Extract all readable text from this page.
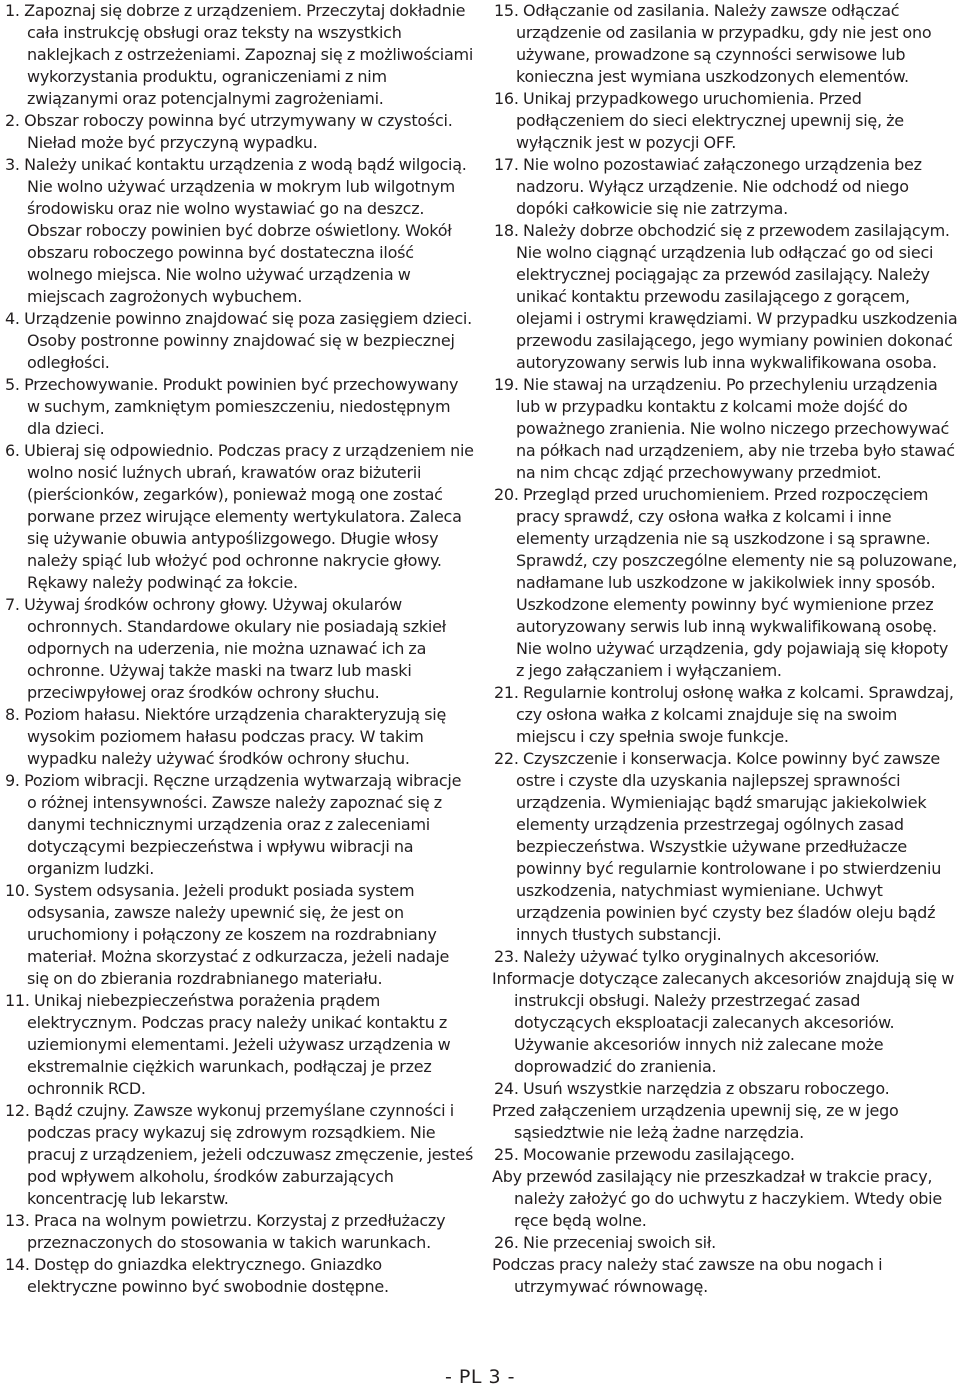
1. Zapoznaj się dobrze z urządzeniem. Przeczytaj dokładnie cała instrukcję obsługi oraz teksty na wszystkich naklejkach z ostrzeżeniami. Zapoznaj się z możliwościami wykorzystania produktu, ograniczeniami z nim związanymi oraz potencjalnymi zagrożeniami.

2. Obszar roboczy powinna być utrzymywany w czystości. Nieład może być przyczyną wypadku.

3. Należy unikać kontaktu urządzenia z wodą bądź wilgocią. Nie wolno używać urządzenia w mokrym lub wilgotnym środowisku oraz nie wolno wystawiać go na deszcz. Obszar roboczy powinien być dobrze oświetlony. Wokół obszaru roboczego powinna być dostateczna ilość wolnego miejsca. Nie wolno używać urządzenia w miejscach zagrożonych wybuchem.

4. Urządzenie powinno znajdować się poza zasięgiem dzieci. Osoby postronne powinny znajdować się w bezpiecznej odległości.

5. Przechowywanie. Produkt powinien być przechowywany w suchym, zamkniętym pomieszczeniu, niedostępnym dla dzieci.

6. Ubieraj się odpowiednio. Podczas pracy z urządzeniem nie wolno nosić luźnych ubrań, krawatów oraz biżuterii (pierścionków, zegarków), ponieważ mogą one zostać porwane przez wirujące elementy wertykulatora. Zaleca się używanie obuwia antypoślizgowego. Długie włosy należy spiąć lub włożyć pod ochronne nakrycie głowy. Rękawy należy podwinąć za łokcie.

7. Używaj środków ochrony głowy. Używaj okularów ochronnych. Standardowe okulary nie posiadają szkieł odpornych na uderzenia, nie można uznawać ich za ochronne. Używaj także maski na twarz lub maski przeciwpyłowej oraz środków ochrony słuchu.

8. Poziom hałasu. Niektóre urządzenia charakteryzują się wysokim poziomem hałasu podczas pracy. W takim wypadku należy używać środków ochrony słuchu.

9. Poziom wibracji. Ręczne urządzenia wytwarzają wibracje o różnej intensywności. Zawsze należy zapoznać się z danymi technicznymi urządzenia oraz z zaleceniami dotyczącymi bezpieczeństwa i wpływu wibracji na organizm ludzki.

10. System odsysania. Jeżeli produkt posiada system odsysania, zawsze należy upewnić się, że jest on uruchomiony i połączony ze koszem na rozdrabniany materiał. Można skorzystać z odkurzacza, jeżeli nadaje się on do zbierania rozdrabnianego materiału.

11. Unikaj niebezpieczeństwa porażenia prądem elektrycznym. Podczas pracy należy unikać kontaktu z uziemionymi elementami. Jeżeli używasz urządzenia w ekstremalnie ciężkich warunkach, podłączaj je przez ochronnik RCD.

12. Bądź czujny. Zawsze wykonuj przemyślane czynności i podczas pracy wykazuj się zdrowym rozsądkiem. Nie pracuj z urządzeniem, jeżeli odczuwasz zmęczenie, jesteś pod wpływem alkoholu, środków zaburzających koncentrację lub lekarstw.

13. Praca na wolnym powietrzu. Korzystaj z przedłużaczy przeznaczonych do stosowania w takich warunkach.

14. Dostęp do gniazdka elektrycznego. Gniazdko elektryczne powinno być swobodnie dostępne.

15. Odłączanie od zasilania. Należy zawsze odłączać urządzenie od zasilania w przypadku, gdy nie jest ono używane, prowadzone są czynności serwisowe lub konieczna jest wymiana uszkodzonych elementów.

16. Unikaj przypadkowego uruchomienia. Przed podłączeniem do sieci elektrycznej upewnij się, że wyłącznik jest w pozycji OFF.

17. Nie wolno pozostawiać załączonego urządzenia bez nadzoru. Wyłącz urządzenie. Nie odchodź od niego dopóki całkowicie się nie zatrzyma.

18. Należy dobrze obchodzić się z przewodem zasilającym. Nie wolno ciągnąć urządzenia lub odłączać go od sieci elektrycznej pociągając za przewód zasilający. Należy unikać kontaktu przewodu zasilającego z gorącem, olejami i ostrymi krawędziami. W przypadku uszkodzenia przewodu zasilającego, jego wymiany powinien dokonać autoryzowany serwis lub inna wykwalifikowana osoba.

19. Nie stawaj na urządzeniu. Po przechyleniu urządzenia lub w przypadku kontaktu z kolcami może dojść do poważnego zranienia. Nie wolno niczego przechowywać na półkach nad urządzeniem, aby nie trzeba było stawać na nim chcąc zdjąć przechowywany przedmiot.

20. Przegląd przed uruchomieniem. Przed rozpoczęciem pracy sprawdź, czy osłona wałka z kolcami i inne elementy urządzenia nie są uszkodzone i są sprawne. Sprawdź, czy poszczególne elementy nie są poluzowane, nadłamane lub uszkodzone w jakikolwiek inny sposób. Uszkodzone elementy powinny być wymienione przez autoryzowany serwis lub inną wykwalifikowaną osobę. Nie wolno używać urządzenia, gdy pojawiają się kłopoty z jego załączaniem i wyłączaniem.

21. Regularnie kontroluj osłonę wałka z kolcami. Sprawdzaj, czy osłona wałka z kolcami znajduje się na swoim miejscu i czy spełnia swoje funkcje.

22. Czyszczenie i konserwacja. Kolce powinny być zawsze ostre i czyste dla uzyskania najlepszej sprawności urządzenia. Wymieniając bądź smarując jakiekolwiek elementy urządzenia przestrzegaj ogólnych zasad bezpieczeństwa. Wszystkie używane przedłużacze powinny być regularnie kontrolowane i po stwierdzeniu uszkodzenia, natychmiast wymieniane. Uchwyt urządzenia powinien być czysty bez śladów oleju bądź innych tłustych substancji.

23. Należy używać tylko oryginalnych akcesoriów.

Informacje dotyczące zalecanych akcesoriów znajdują się w instrukcji obsługi. Należy przestrzegać zasad dotyczących eksploatacji zalecanych akcesoriów. Używanie akcesoriów innych niż zalecane może doprowadzić do zranienia.

24. Usuń wszystkie narzędzia z obszaru roboczego.

Przed załączeniem urządzenia upewnij się, ze w jego sąsiedztwie nie leżą żadne narzędzia.

25. Mocowanie przewodu zasilającego.

Aby przewód zasilający nie przeszkadzał w trakcie pracy, należy założyć go do uchwytu z haczykiem. Wtedy obie ręce będą wolne.

26. Nie przeceniaj swoich sił.

Podczas pracy należy stać zawsze na obu nogach i utrzymywać równowagę.

- PL 3 -
